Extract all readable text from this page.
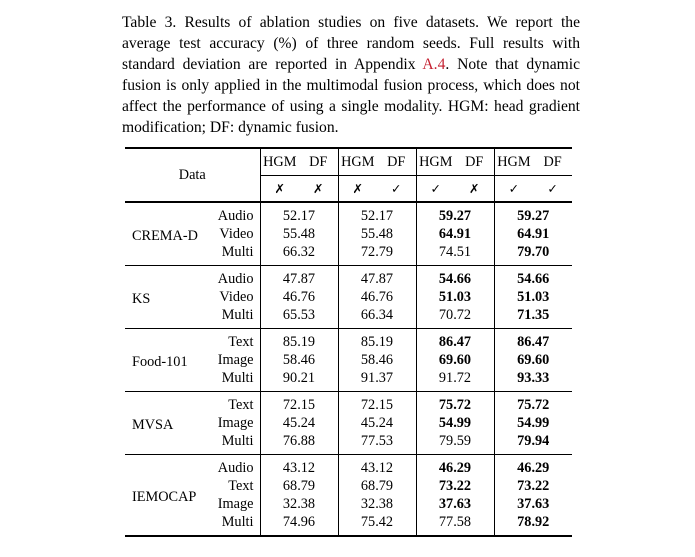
Table 3. Results of ablation studies on five datasets. We report the average test accuracy (%) of three random seeds. Full results with standard deviation are reported in Appendix A.4. Note that dynamic fusion is only applied in the multimodal fusion process, which does not affect the performance of using a single modality. HGM: head gradient modification; DF: dynamic fusion.
Data		HGM DF	HGM DF	HGM DF	HGM DF

		✗ ✗	✗ ✓	✓ ✗	✓ ✓

CREMA-D	Audio	52.17	52.17	59.27	59.27
	Video	55.48	55.48	64.91	64.91
	Multi	66.32	72.79	74.51	79.70
KS	Audio	47.87	47.87	54.66	54.66
	Video	46.76	46.76	51.03	51.03
	Multi	65.53	66.34	70.72	71.35
Food-101	Text	85.19	85.19	86.47	86.47
	Image	58.46	58.46	69.60	69.60
	Multi	90.21	91.37	91.72	93.33
MVSA	Text	72.15	72.15	75.72	75.72
	Image	45.24	45.24	54.99	54.99
	Multi	76.88	77.53	79.59	79.94
IEMOCAP	Audio	43.12	43.12	46.29	46.29
	Text	68.79	68.79	73.22	73.22
	Image	32.38	32.38	37.63	37.63
	Multi	74.96	75.42	77.58	78.92
